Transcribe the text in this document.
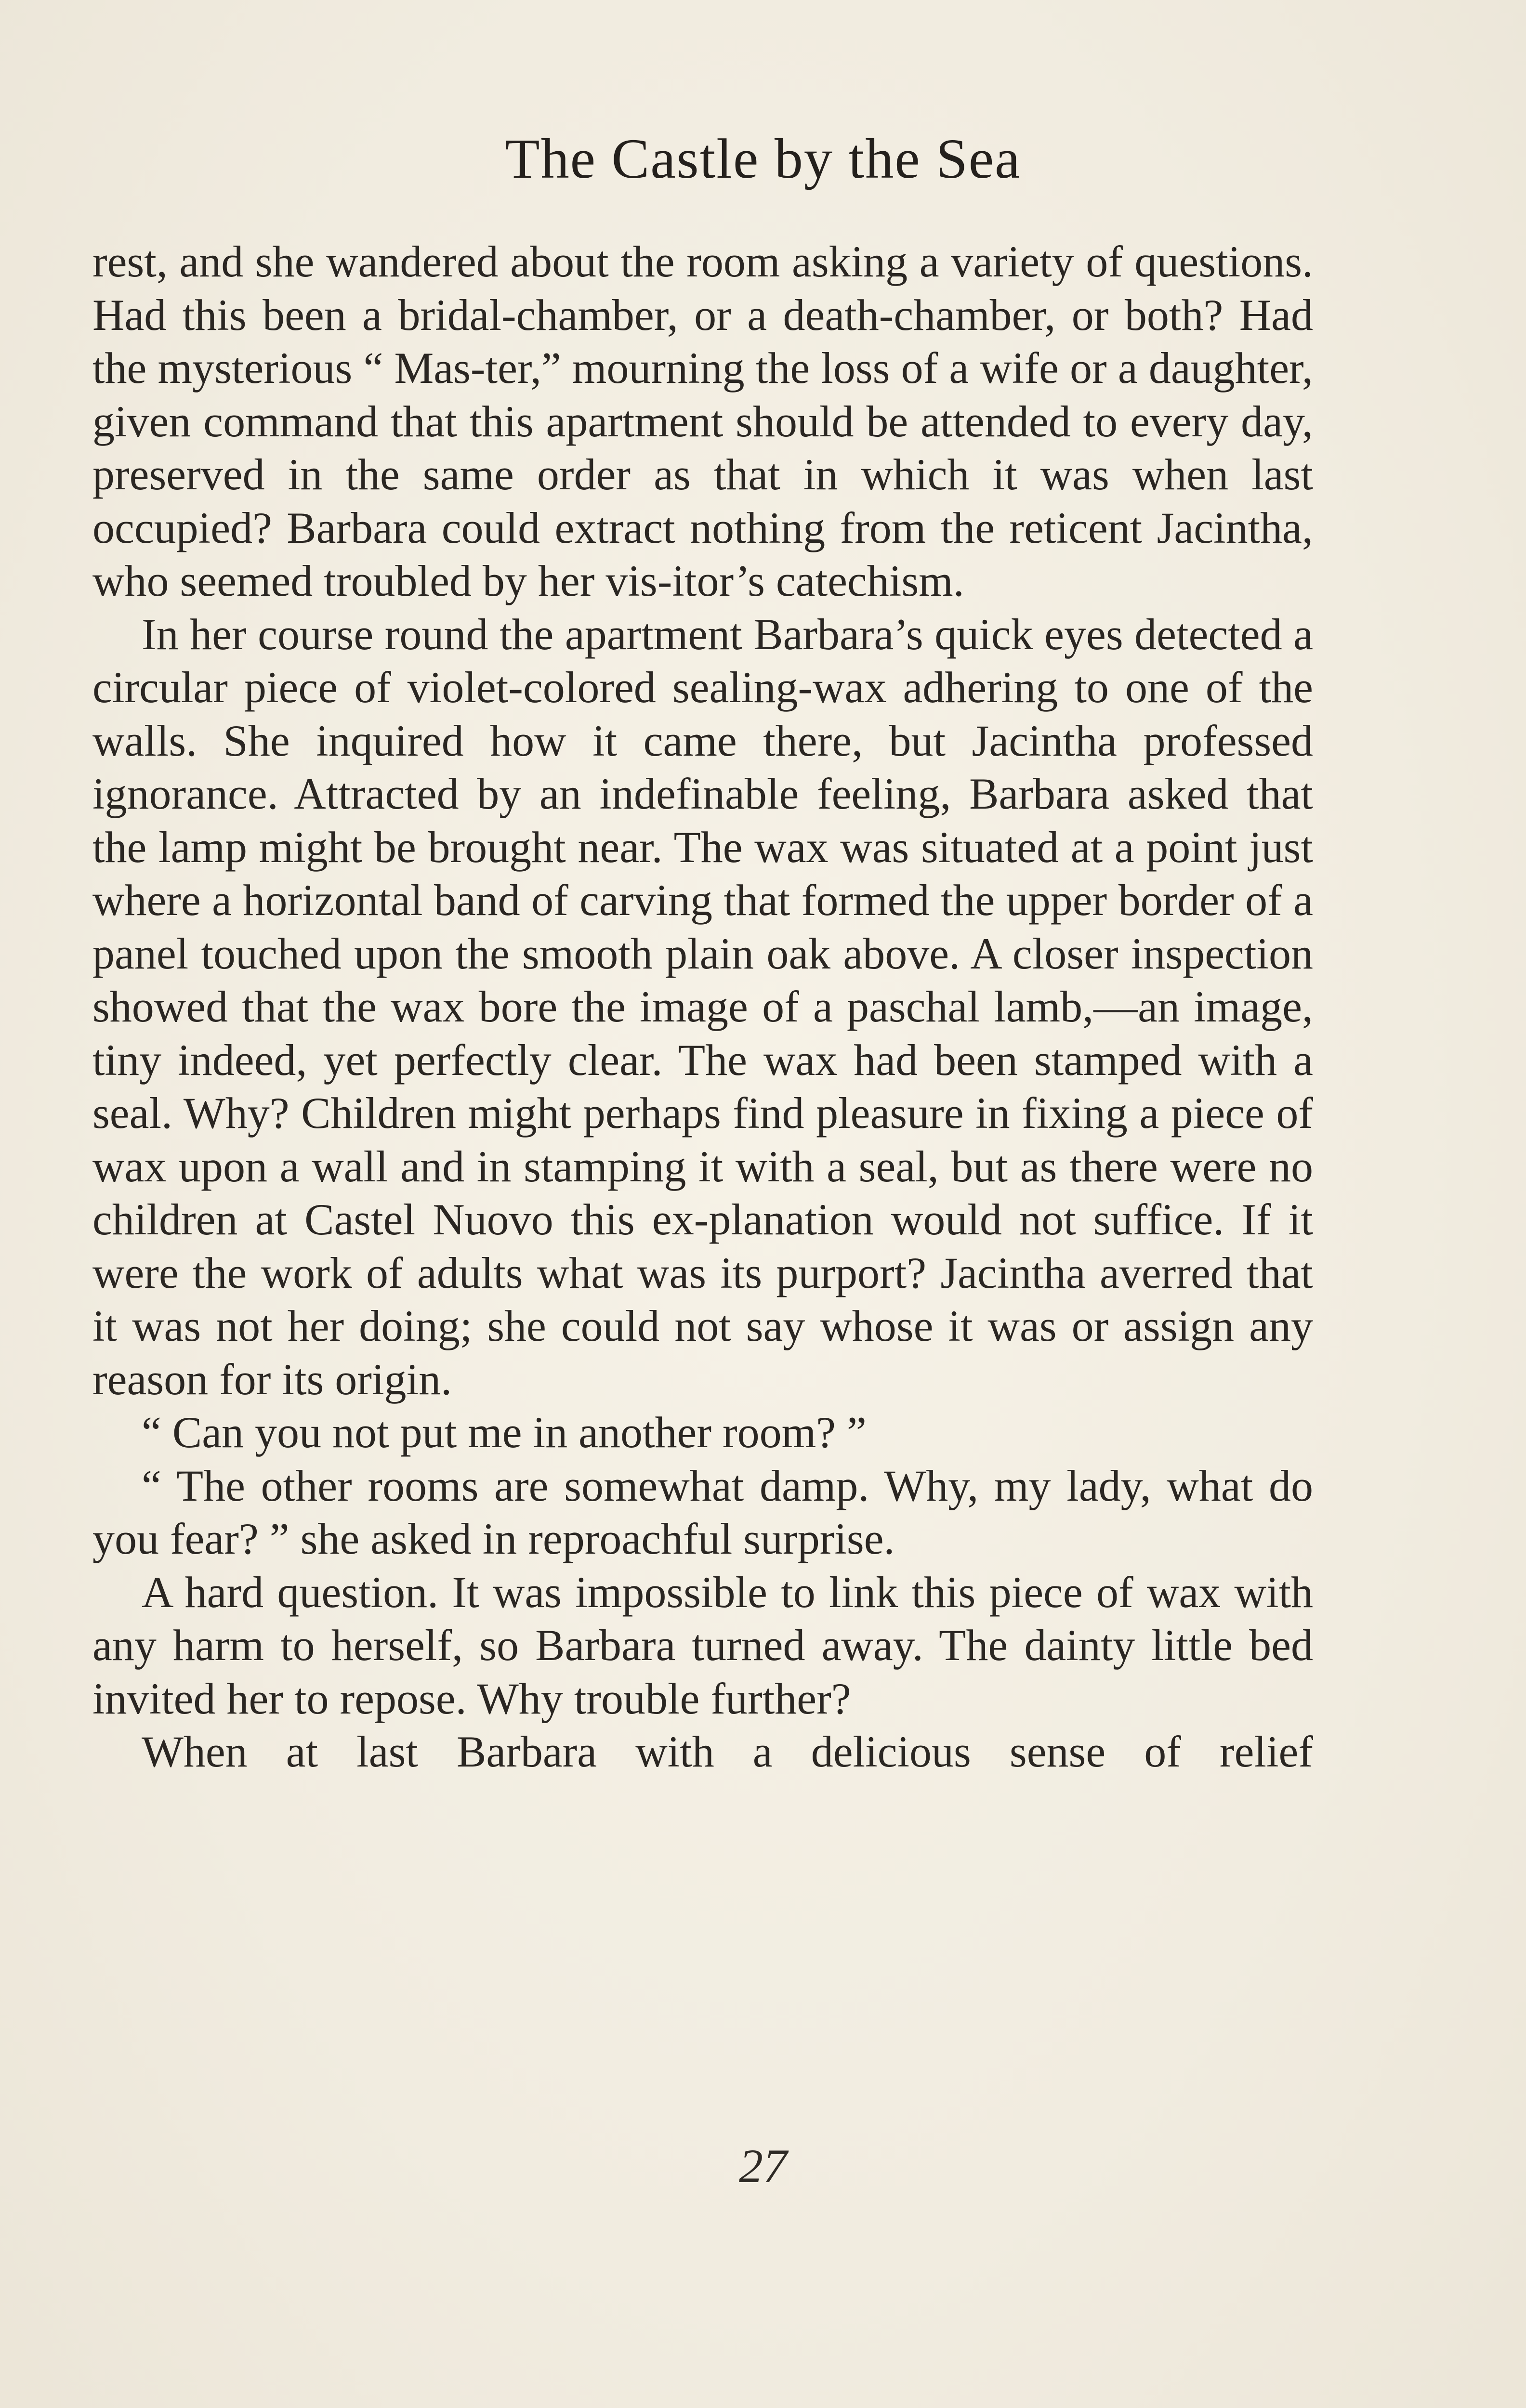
The Castle by the Sea

rest, and she wandered about the room asking a variety of questions. Had this been a bridal-chamber, or a death-chamber, or both? Had the mysterious “ Mas-ter,” mourning the loss of a wife or a daughter, given command that this apartment should be attended to every day, preserved in the same order as that in which it was when last occupied? Barbara could extract nothing from the reticent Jacintha, who seemed troubled by her vis-itor’s catechism.

In her course round the apartment Barbara’s quick eyes detected a circular piece of violet-colored sealing-wax adhering to one of the walls. She inquired how it came there, but Jacintha professed ignorance. Attracted by an indefinable feeling, Barbara asked that the lamp might be brought near. The wax was situated at a point just where a horizontal band of carving that formed the upper border of a panel touched upon the smooth plain oak above. A closer inspection showed that the wax bore the image of a paschal lamb,—an image, tiny indeed, yet perfectly clear. The wax had been stamped with a seal. Why? Children might perhaps find pleasure in fixing a piece of wax upon a wall and in stamping it with a seal, but as there were no children at Castel Nuovo this ex-planation would not suffice. If it were the work of adults what was its purport? Jacintha averred that it was not her doing; she could not say whose it was or assign any reason for its origin.

“ Can you not put me in another room? ”

“ The other rooms are somewhat damp. Why, my lady, what do you fear? ” she asked in reproachful surprise.

A hard question. It was impossible to link this piece of wax with any harm to herself, so Barbara turned away. The dainty little bed invited her to repose. Why trouble further?

When at last Barbara with a delicious sense of relief

27
